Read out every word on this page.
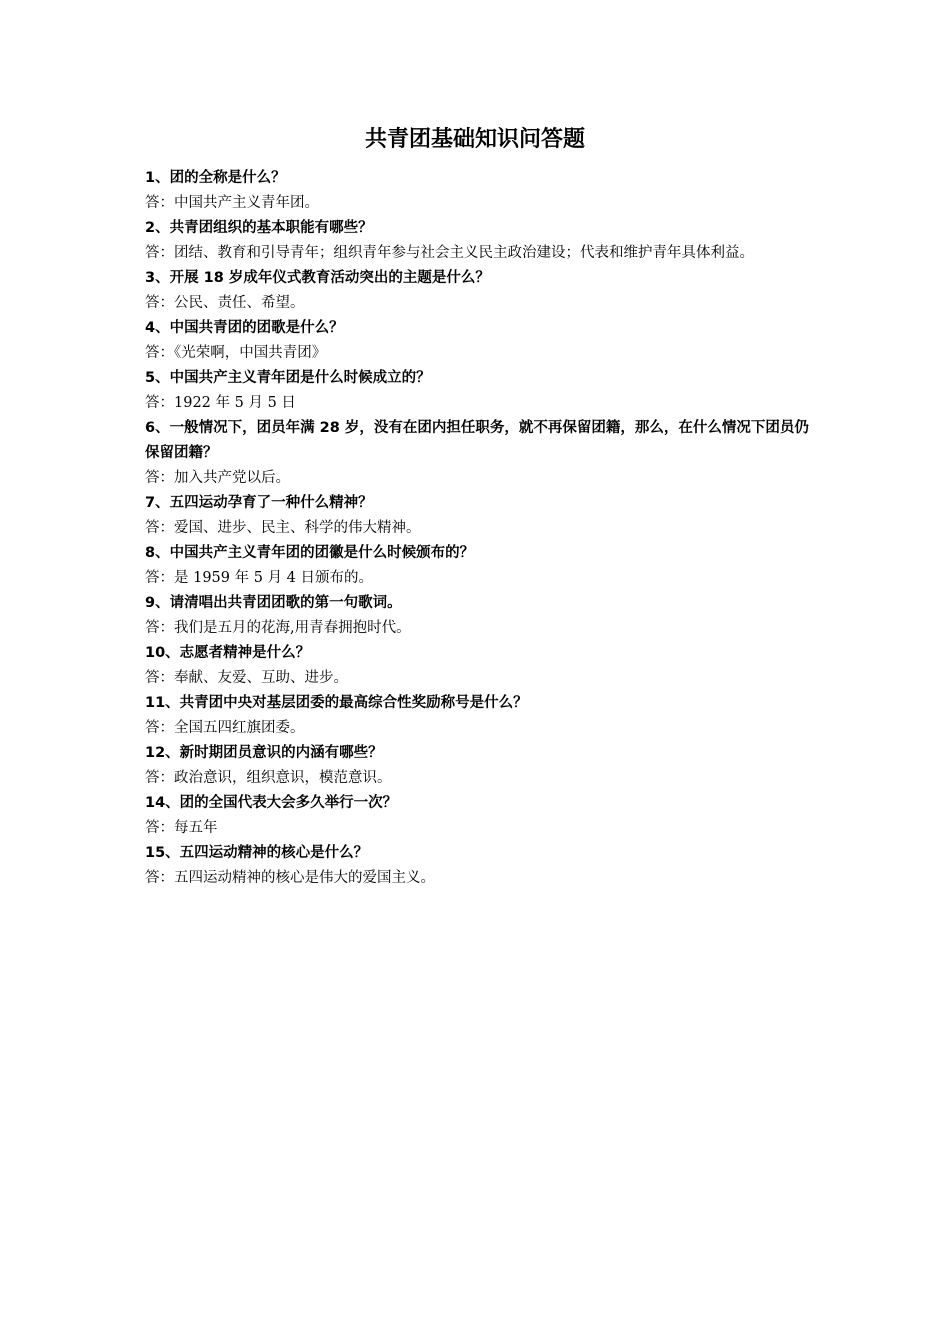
共青团基础知识问答题

1、团的全称是什么？

答：中国共产主义青年团。

2、共青团组织的基本职能有哪些？

答：团结、教育和引导青年；组织青年参与社会主义民主政治建设；代表和维护青年具体利益。

3、开展 18 岁成年仪式教育活动突出的主题是什么？

答：公民、责任、希望。

4、中国共青团的团歌是什么？

答：《光荣啊，中国共青团》

5、中国共产主义青年团是什么时候成立的？

答：1922 年 5 月 5 日

6、一般情况下，团员年满 28 岁，没有在团内担任职务，就不再保留团籍，那么，在什么情况下团员仍保留团籍？

答：加入共产党以后。

7、五四运动孕育了一种什么精神？

答：爱国、进步、民主、科学的伟大精神。

8、中国共产主义青年团的团徽是什么时候颁布的？

答：是 1959 年 5 月 4 日颁布的。

9、请清唱出共青团团歌的第一句歌词。

答：我们是五月的花海,用青春拥抱时代。

10、志愿者精神是什么？

答：奉献、友爱、互助、进步。

11、共青团中央对基层团委的最高综合性奖励称号是什么？

答：全国五四红旗团委。

12、新时期团员意识的内涵有哪些？

答：政治意识，组织意识，模范意识。

14、团的全国代表大会多久举行一次？

答：每五年

15、五四运动精神的核心是什么？

答：五四运动精神的核心是伟大的爱国主义。
